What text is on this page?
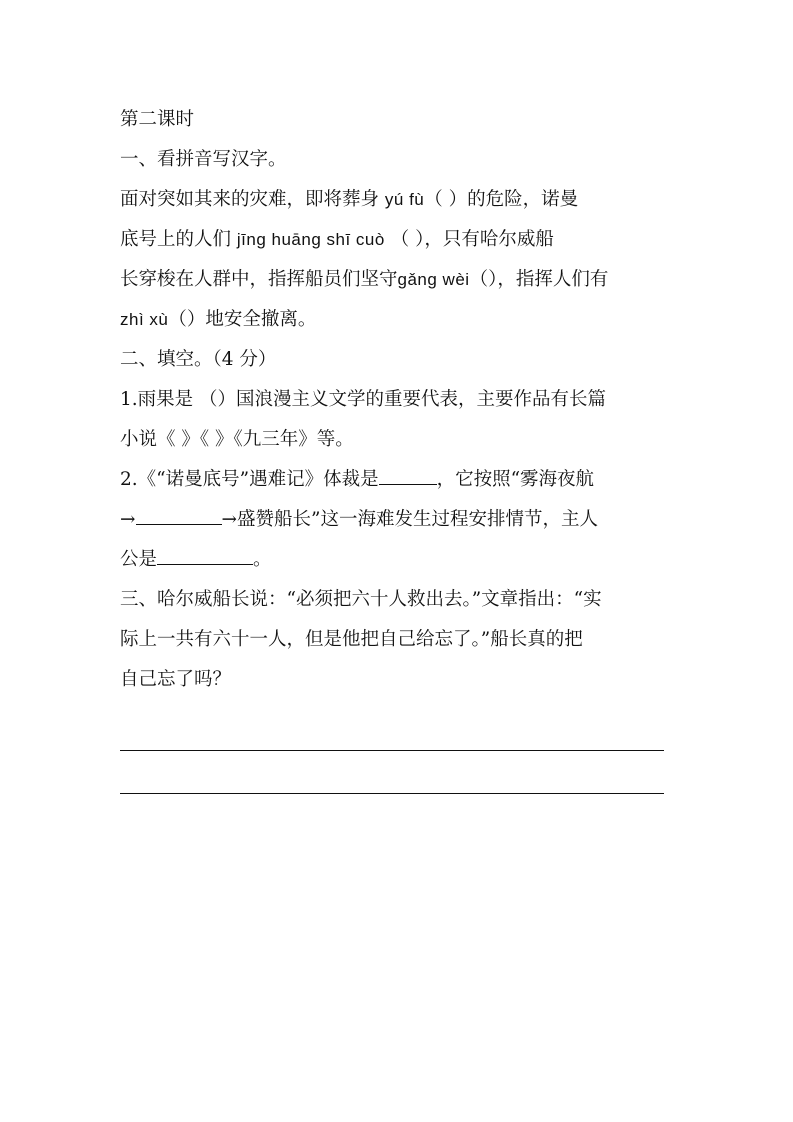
第二课时
一、看拼音写汉字。
面对突如其来的灾难，即将葬身 yú fù（ ）的危险，诺曼
底号上的人们 jīng huāng shī cuò （ ），只有哈尔威船
长穿梭在人群中，指挥船员们坚守gǎng wèi（），指挥人们有
zhì xù（）地安全撤离。
二、填空。（4 分）
1.雨果是 （）国浪漫主义文学的重要代表，主要作品有长篇
小说《 》《 》《九三年》等。
2.《“诺曼底号”遇难记》体裁是	，它按照“雾海夜航
→	→盛赞船长”这一海难发生过程安排情节，主人
公是	。
三、哈尔威船长说：“必须把六十人救出去。”文章指出：“实
际上一共有六十一人，但是他把自己给忘了。”船长真的把
自己忘了吗？
